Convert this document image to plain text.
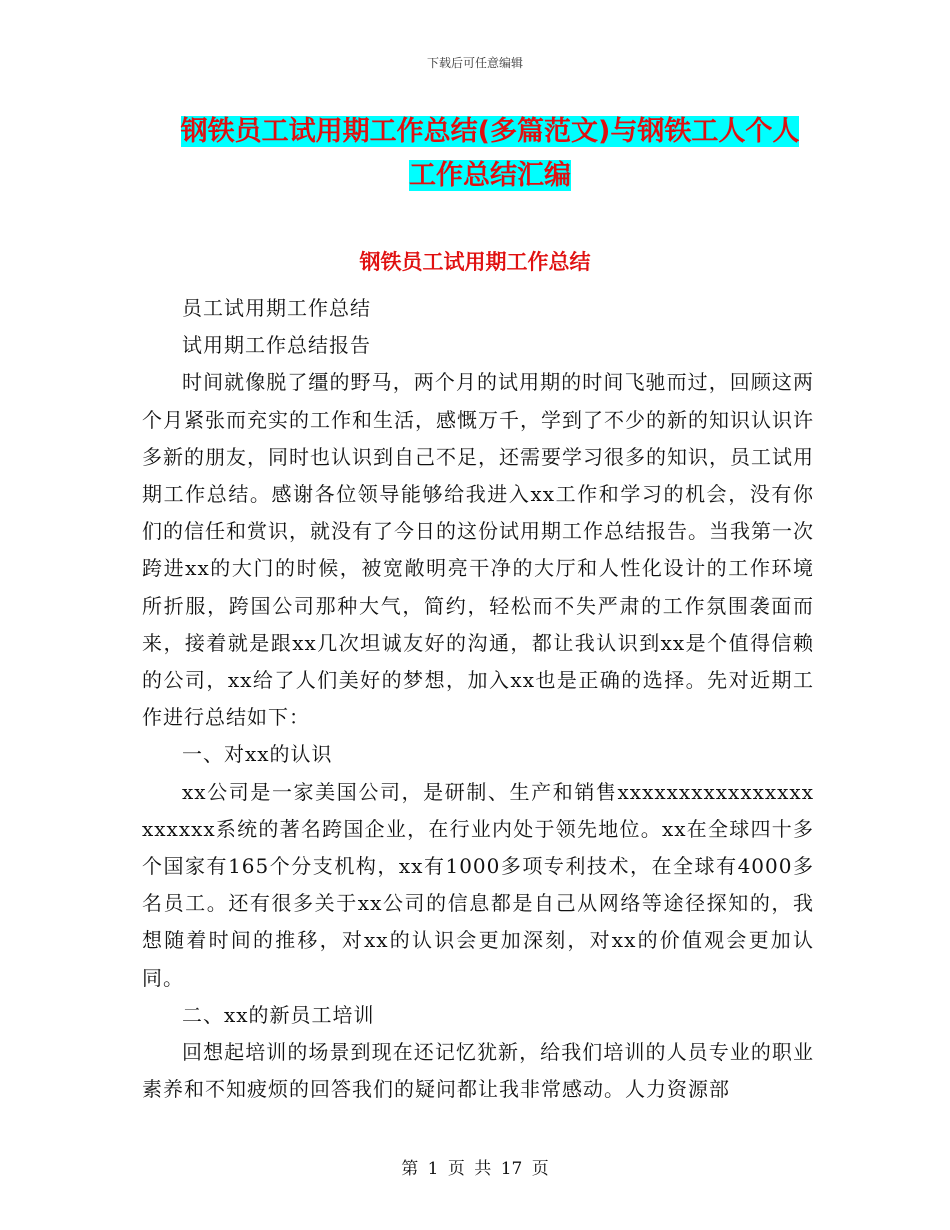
下载后可任意编辑
钢铁员工试用期工作总结(多篇范文)与钢铁工人个人
工作总结汇编
钢铁员工试用期工作总结

员工试用期工作总结

试用期工作总结报告

时间就像脱了缰的野马，两个月的试用期的时间飞驰而过，回顾这两个月紧张而充实的工作和生活，感慨万千，学到了不少的新的知识认识许多新的朋友，同时也认识到自己不足，还需要学习很多的知识，员工试用期工作总结。感谢各位领导能够给我进入xx工作和学习的机会，没有你们的信任和赏识，就没有了今日的这份试用期工作总结报告。当我第一次跨进xx的大门的时候，被宽敞明亮干净的大厅和人性化设计的工作环境所折服，跨国公司那种大气，简约，轻松而不失严肃的工作氛围袭面而来，接着就是跟xx几次坦诚友好的沟通，都让我认识到xx是个值得信赖的公司，xx给了人们美好的梦想，加入xx也是正确的选择。先对近期工作进行总结如下：

一、对xx的认识

xx公司是一家美国公司，是研制、生产和销售xxxxxxxxxxxxxxxxxxxxxx系统的著名跨国企业，在行业内处于领先地位。xx在全球四十多个国家有165个分支机构，xx有1000多项专利技术，在全球有4000多名员工。还有很多关于xx公司的信息都是自己从网络等途径探知的，我想随着时间的推移，对xx的认识会更加深刻，对xx的价值观会更加认同。

二、xx的新员工培训

回想起培训的场景到现在还记忆犹新，给我们培训的人员专业的职业素养和不知疲烦的回答我们的疑问都让我非常感动。人力资源部

第 1 页 共 17 页
